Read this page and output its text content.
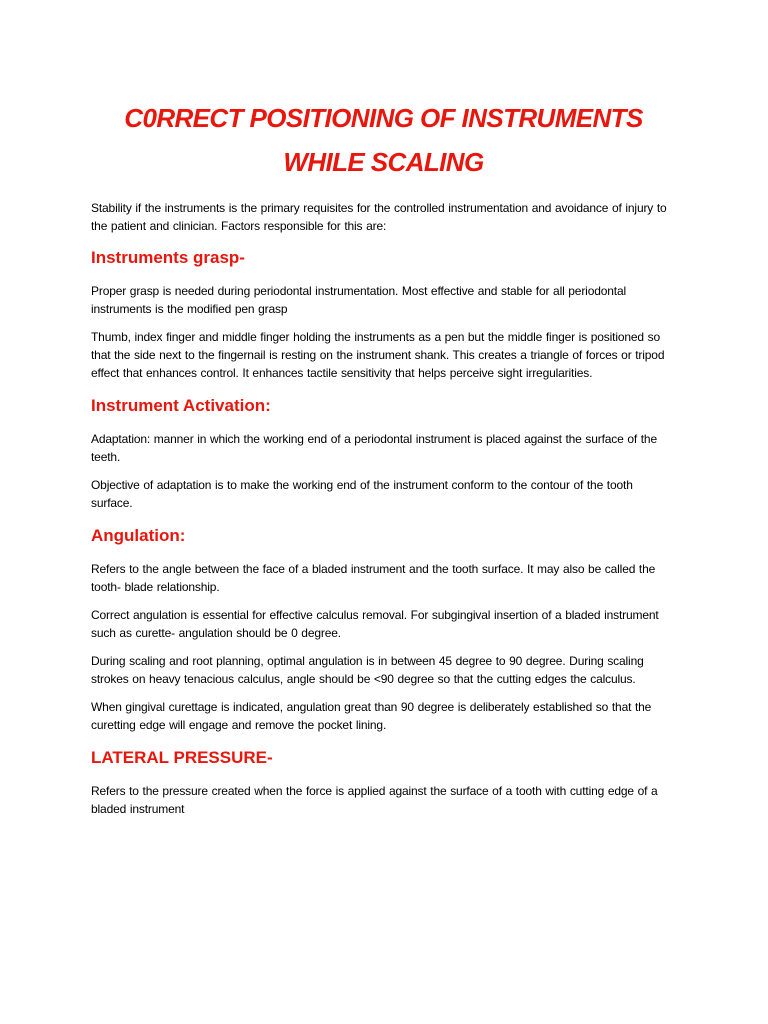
C0RRECT POSITIONING OF INSTRUMENTS
WHILE SCALING

Stability if the instruments is the primary requisites for the controlled instrumentation and avoidance of injury to the patient and clinician. Factors responsible for this are:

Instruments grasp-

Proper grasp is needed during periodontal instrumentation. Most effective and stable for all periodontal instruments is the modified pen grasp

Thumb, index finger and middle finger holding the instruments as a pen but the middle finger is positioned so that the side next to the fingernail is resting on the instrument shank. This creates a triangle of forces or tripod effect that enhances control. It enhances tactile sensitivity that helps perceive sight irregularities.

Instrument Activation:

Adaptation: manner in which the working end of a periodontal instrument is placed against the surface of the teeth.

Objective of adaptation is to make the working end of the instrument conform to the contour of the tooth surface.

Angulation:

Refers to the angle between the face of a bladed instrument and the tooth surface. It may also be called the tooth- blade relationship.

Correct angulation is essential for effective calculus removal. For subgingival insertion of a bladed instrument such as curette- angulation should be 0 degree.

During scaling and root planning, optimal angulation is in between 45 degree to 90 degree. During scaling strokes on heavy tenacious calculus, angle should be <90 degree so that the cutting edges the calculus.

When gingival curettage is indicated, angulation great than 90 degree is deliberately established so that the curetting edge will engage and remove the pocket lining.

LATERAL PRESSURE-

Refers to the pressure created when the force is applied against the surface of a tooth with cutting edge of a bladed instrument
